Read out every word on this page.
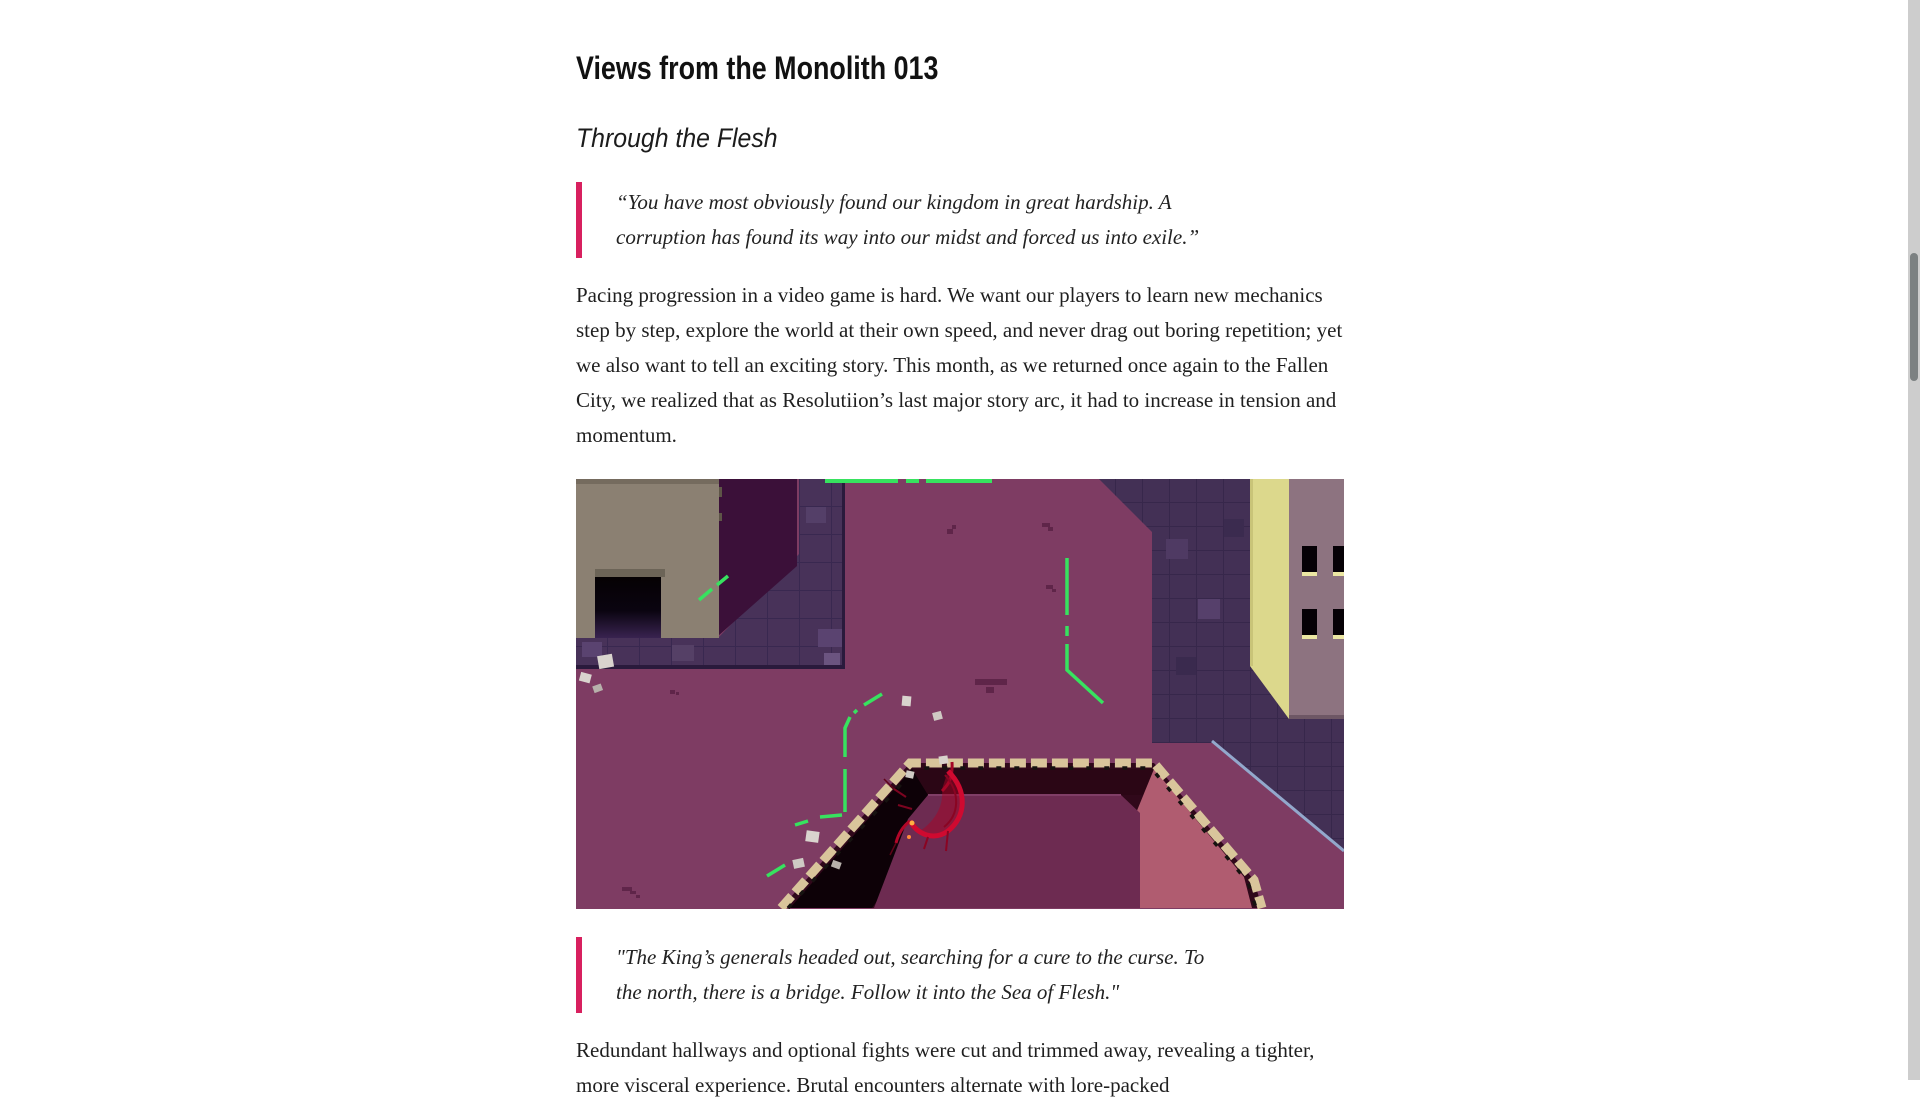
Views from the Monolith 013
Through the Flesh
“You have most obviously found our kingdom in great hardship. A corruption has found its way into our midst and forced us into exile.”

Pacing progression in a video game is hard. We want our players to learn new mechanics step by step, explore the world at their own speed, and never drag out boring repetition; yet we also want to tell an exciting story. This month, as we returned once again to the Fallen City, we realized that as Resolutiion’s last major story arc, it had to increase in tension and momentum.

"The King’s generals headed out, searching for a cure to the curse. To the north, there is a bridge. Follow it into the Sea of Flesh."

Redundant hallways and optional fights were cut and trimmed away, revealing a tighter, more visceral experience. Brutal encounters alternate with lore-packed
